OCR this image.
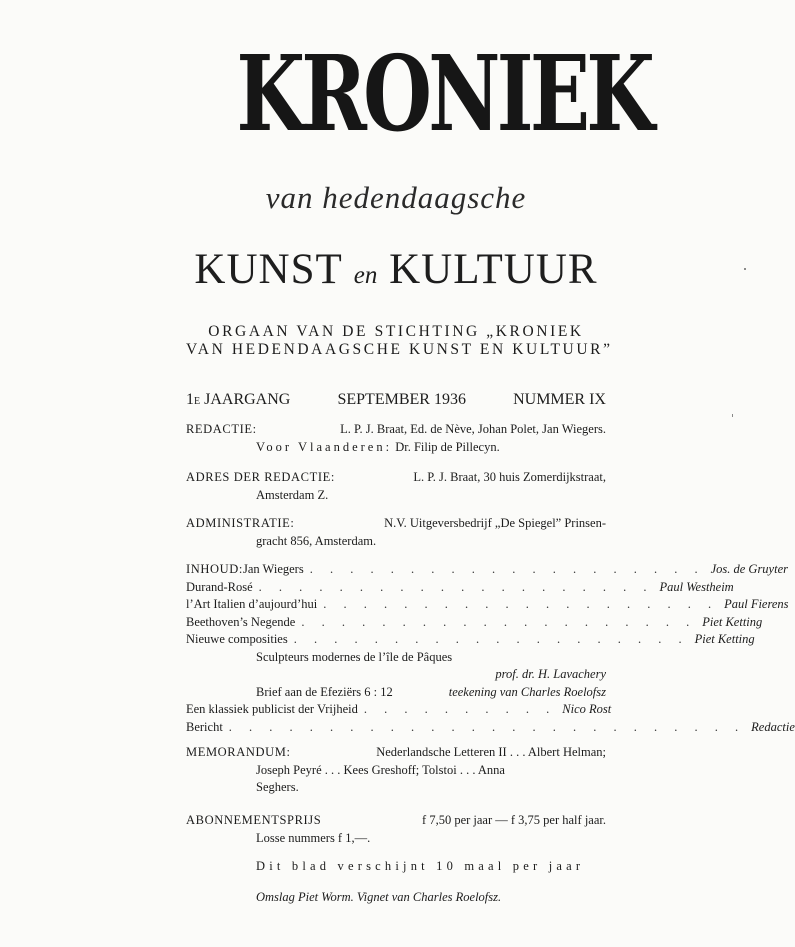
KRONIEK
van hedendaagsche
KUNST en KULTUUR
ORGAAN VAN DE STICHTING „KRONIEK
VAN HEDENDAAGSCHE KUNST EN KULTUUR”
$1^E$ JAARGANG	SEPTEMBER 1936	NUMMER IX
REDACTIE:	L. P. J. Braat, Ed. de Nève, Johan Polet, Jan Wiegers.
Voor Vlaanderen: Dr. Filip de Pillecyn.
ADRES DER REDACTIE:	L. P. J. Braat, 30 huis Zomerdijkstraat,
Amsterdam Z.
ADMINISTRATIE:	N.V. Uitgeversbedrijf „De Spiegel” Prinsen-
gracht 856, Amsterdam.
INHOUD: Jan Wiegers . . . . . . . . . . . . . . . . . . . . Jos. de Gruyter
Durand-Rosé . . . . . . . . . . . . . . . . . . . . Paul Westheim
l’Art Italien d’aujourd’hui . . . . . . . . . . . . . . . . . . . . Paul Fierens
Beethoven’s Negende . . . . . . . . . . . . . . . . . . . . Piet Ketting
Nieuwe composities . . . . . . . . . . . . . . . . . . . . Piet Ketting
Sculpteurs modernes de l’île de Pâques
prof. dr. H. Lavachery
Brief aan de Efeziërs 6 : 12	teekening van Charles Roelofsz
Een klassiek publicist der Vrijheid . . . . . . . . . . Nico Rost
Bericht . . . . . . . . . . . . . . . . . . . . . . . . . . Redactie
MEMORANDUM:	Nederlandsche Letteren II . . . Albert Helman;
Joseph Peyré . . . Kees Greshoff; Tolstoi . . . Anna
Seghers.
ABONNEMENTSPRIJS	f 7,50 per jaar — f 3,75 per half jaar.
Losse nummers f 1,—.
Dit blad verschijnt 10 maal per jaar
Omslag Piet Worm. Vignet van Charles Roelofsz.
